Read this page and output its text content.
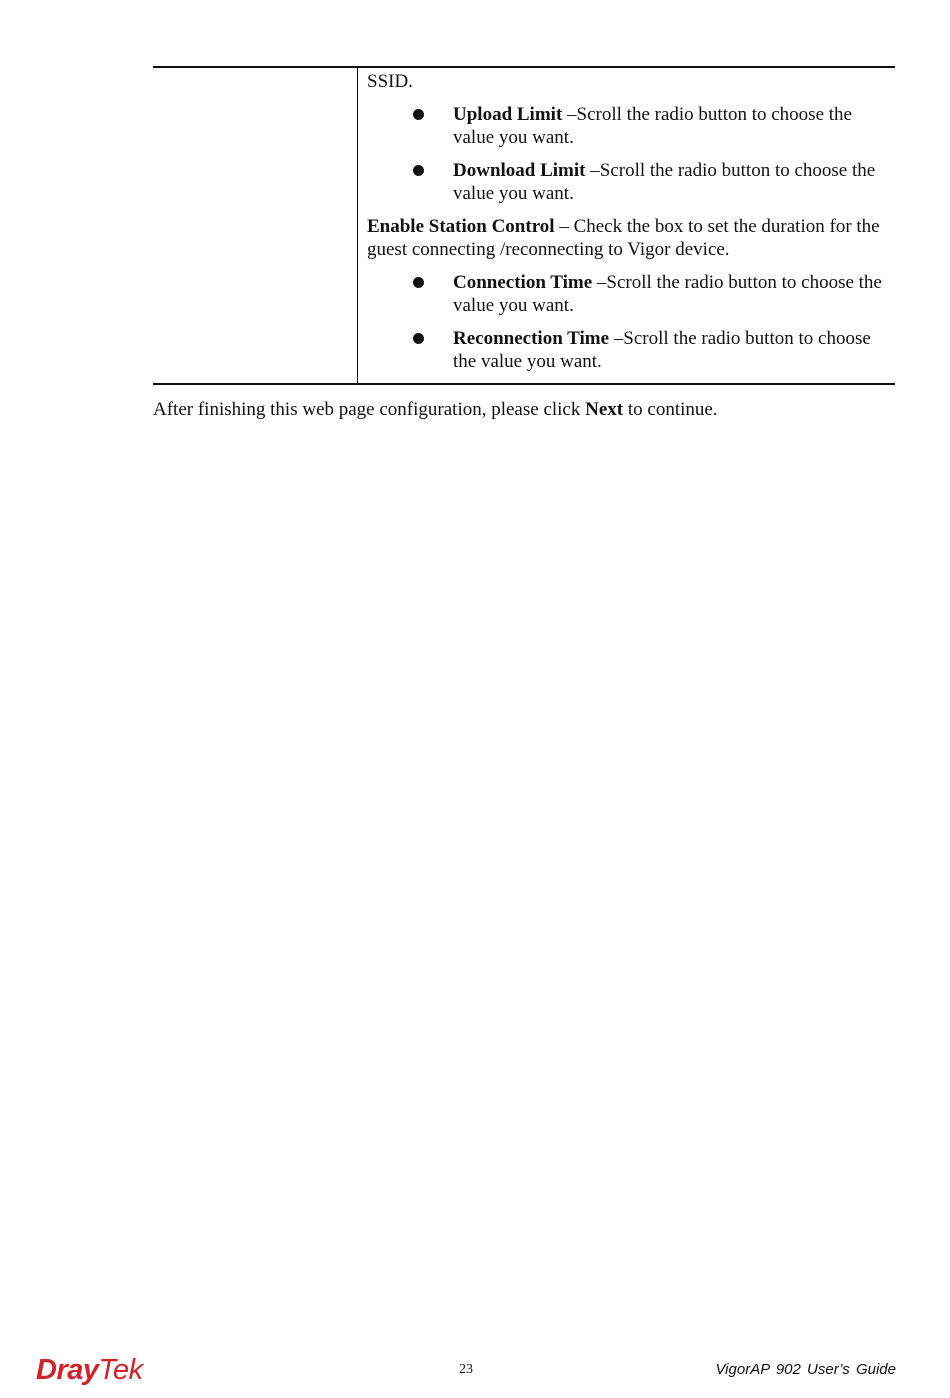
SSID.

Upload Limit –Scroll the radio button to choose the value you want.
Download Limit –Scroll the radio button to choose the value you want.

Enable Station Control – Check the box to set the duration for the guest connecting /reconnecting to Vigor device.

Connection Time –Scroll the radio button to choose the value you want.
Reconnection Time –Scroll the radio button to choose the value you want.

After finishing this web page configuration, please click Next to continue.

DrayTek	23	VigorAP 902 User’s Guide
